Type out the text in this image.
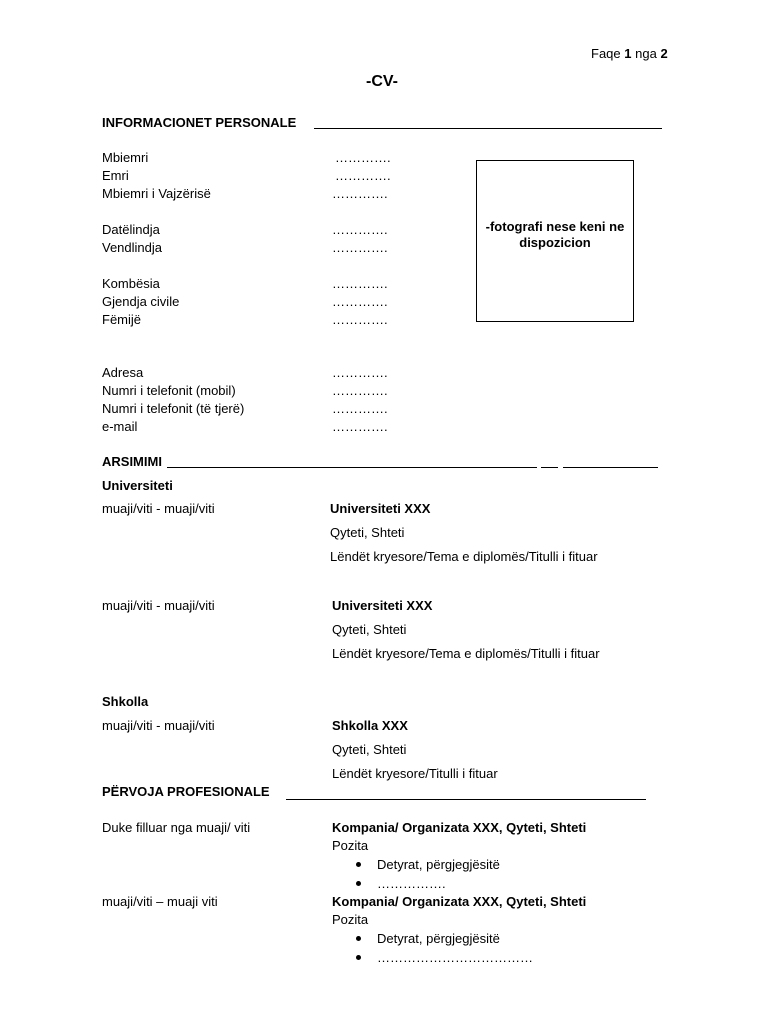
Faqe 1 nga 2
-CV-
INFORMACIONET PERSONALE
-fotografi nese keni ne dispozicion
Mbiemri	………….
Emri	………….
Mbiemri i Vajzërisë	………….
Datëlindja	………….
Vendlindja	………….
Kombësia	………….
Gjendja civile	………….
Fëmijë	………….
Adresa	………….
Numri i telefonit (mobil)	………….
Numri i telefonit (të tjerë)	………….
e-mail	………….
ARSIMIMI
Universiteti
muaji/viti - muaji/viti	Universiteti XXX
Qyteti, Shteti
Lëndët kryesore/Tema e diplomës/Titulli i fituar
muaji/viti - muaji/viti	Universiteti XXX
Qyteti, Shteti
Lëndët kryesore/Tema e diplomës/Titulli i fituar
Shkolla
muaji/viti - muaji/viti	Shkolla XXX
Qyteti, Shteti
Lëndët kryesore/Titulli i fituar
PËRVOJA PROFESIONALE
Duke filluar nga muaji/ viti	Kompania/ Organizata XXX, Qyteti, Shteti
Pozita
Detyrat, përgjegjësitë
…………….
muaji/viti – muaji viti	Kompania/ Organizata XXX, Qyteti, Shteti
Pozita
Detyrat, përgjegjësitë
………………………………
